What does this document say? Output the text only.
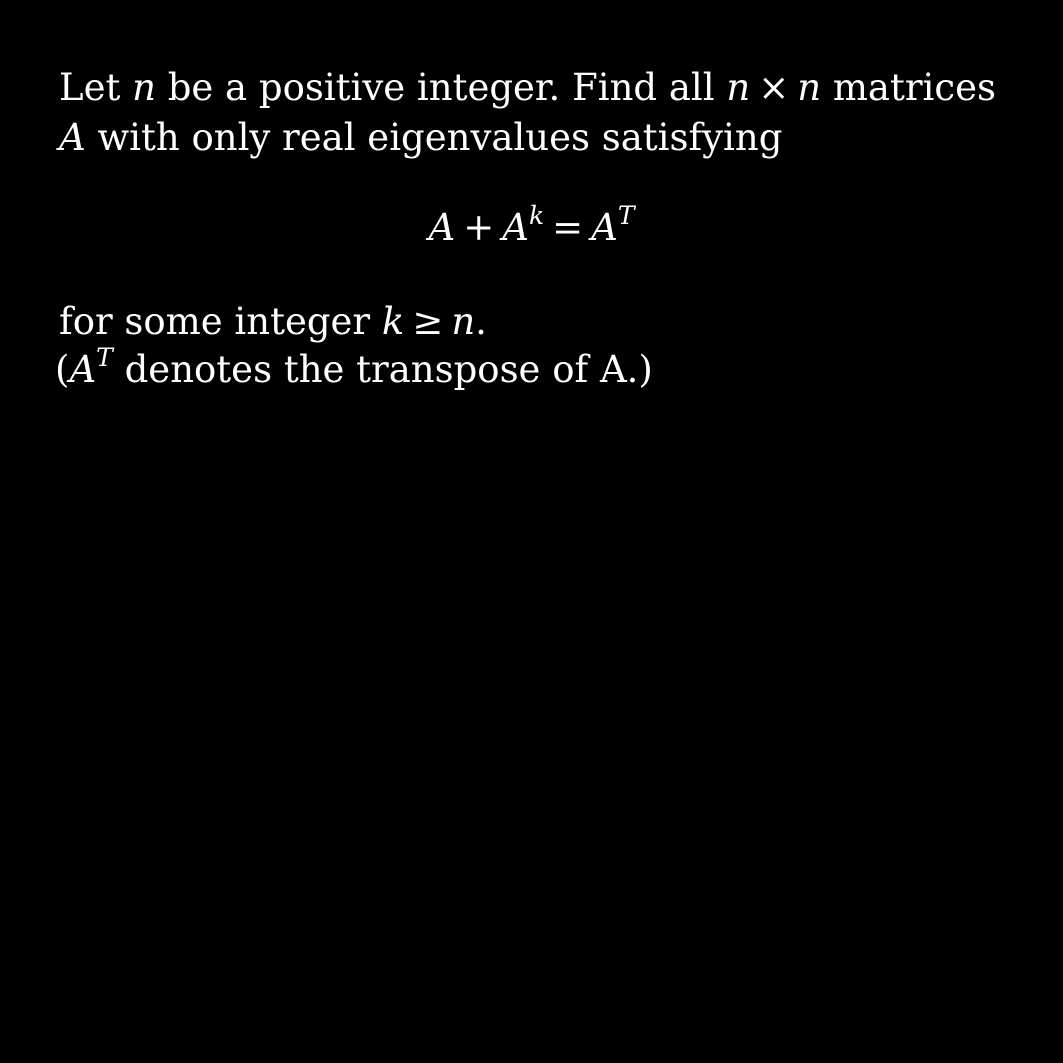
Let n be a positive integer. Find all n × n matrices
A with only real eigenvalues satisfying
$A + A^k = A^T$
for some integer k ≥ n.
($A^T$ denotes the transpose of A.)
